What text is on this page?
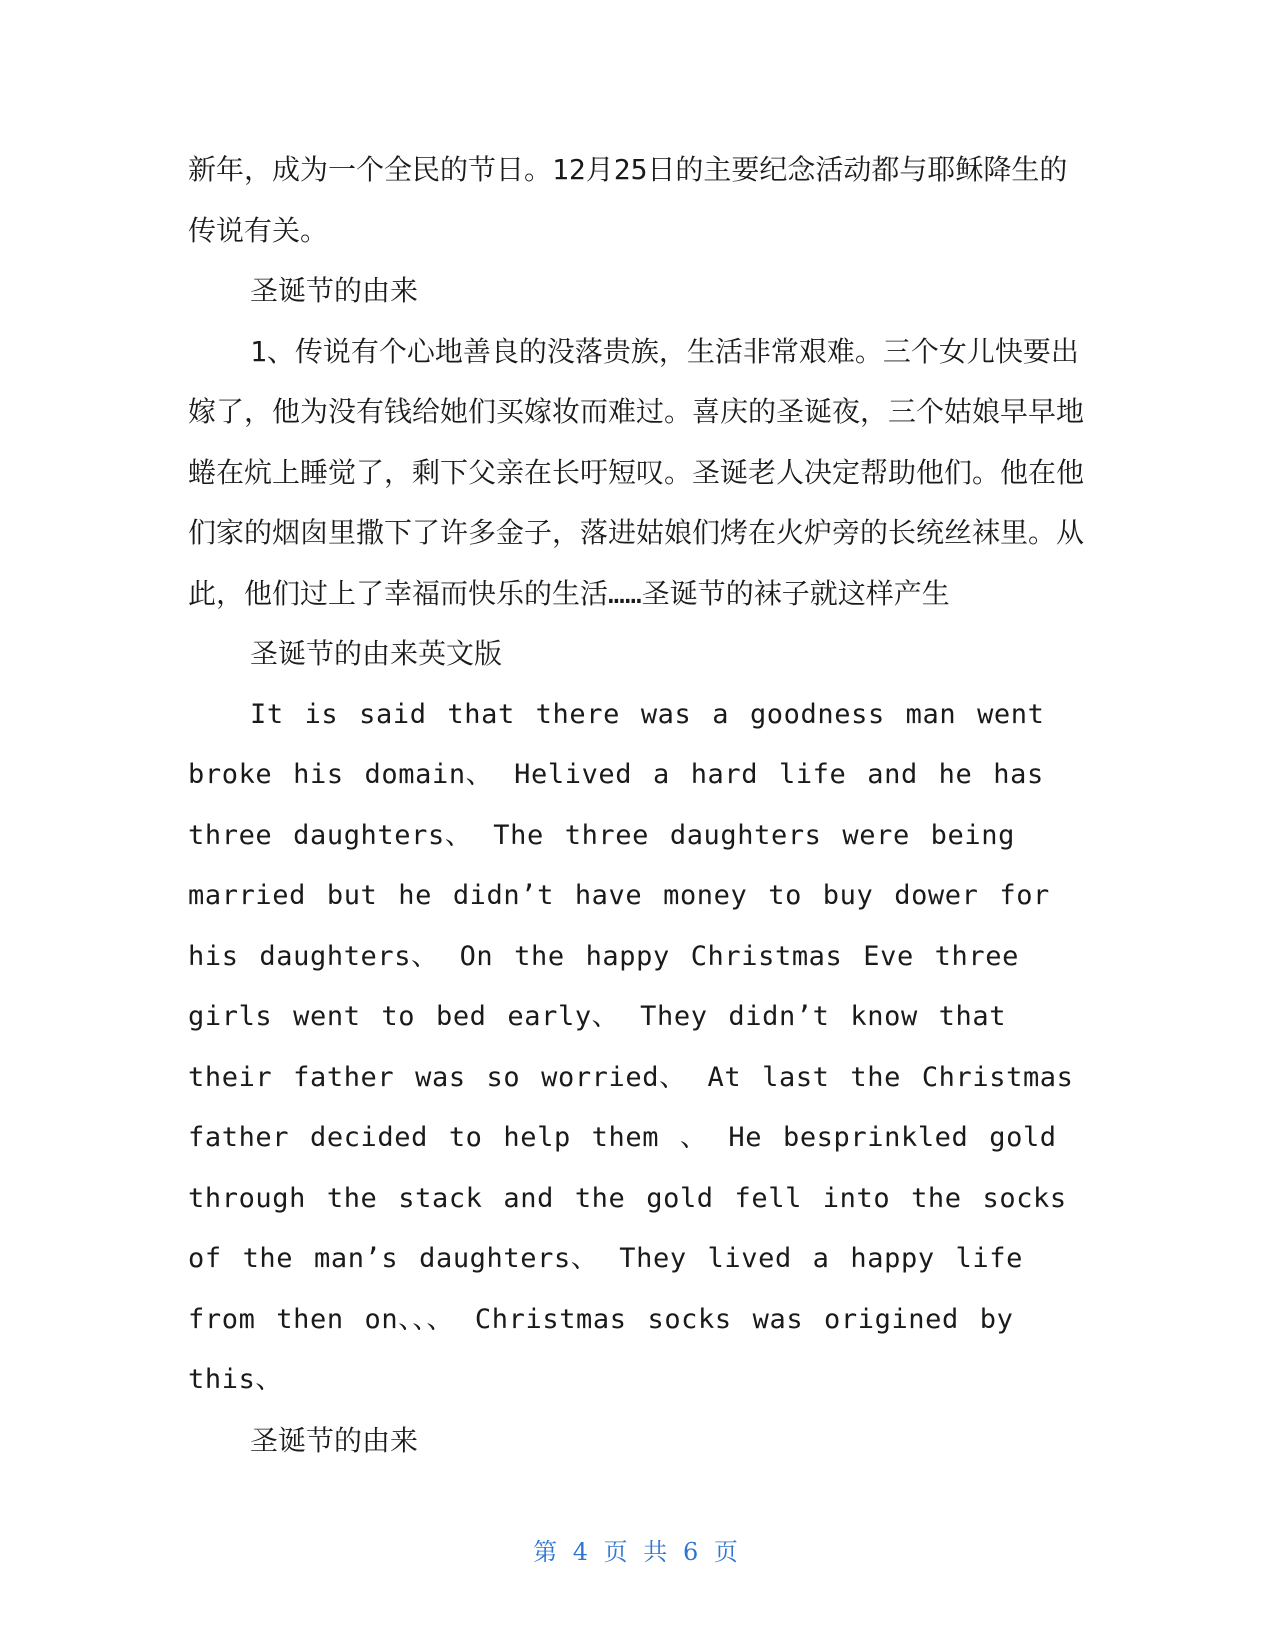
新年，成为一个全民的节日。12月25日的主要纪念活动都与耶稣降生的传说有关。

圣诞节的由来

1、传说有个心地善良的没落贵族，生活非常艰难。三个女儿快要出嫁了，他为没有钱给她们买嫁妆而难过。喜庆的圣诞夜，三个姑娘早早地蜷在炕上睡觉了，剩下父亲在长吁短叹。圣诞老人决定帮助他们。他在他们家的烟囱里撒下了许多金子，落进姑娘们烤在火炉旁的长统丝袜里。从此，他们过上了幸福而快乐的生活……圣诞节的袜子就这样产生

圣诞节的由来英文版

It is said that there was a goodness man went broke his domain、 Helived a hard life and he has three daughters、 The three daughters were being married but he didn’t have money to buy dower for his daughters、 On the happy Christmas Eve three girls went to bed early、 They didn’t know that their father was so worried、 At last the Christmas father decided to help them 、 He besprinkled gold through the stack and the gold fell into the socks of the man’s daughters、 They lived a happy life from then on、、、 Christmas socks was origined by this、

圣诞节的由来

第 4 页 共 6 页
